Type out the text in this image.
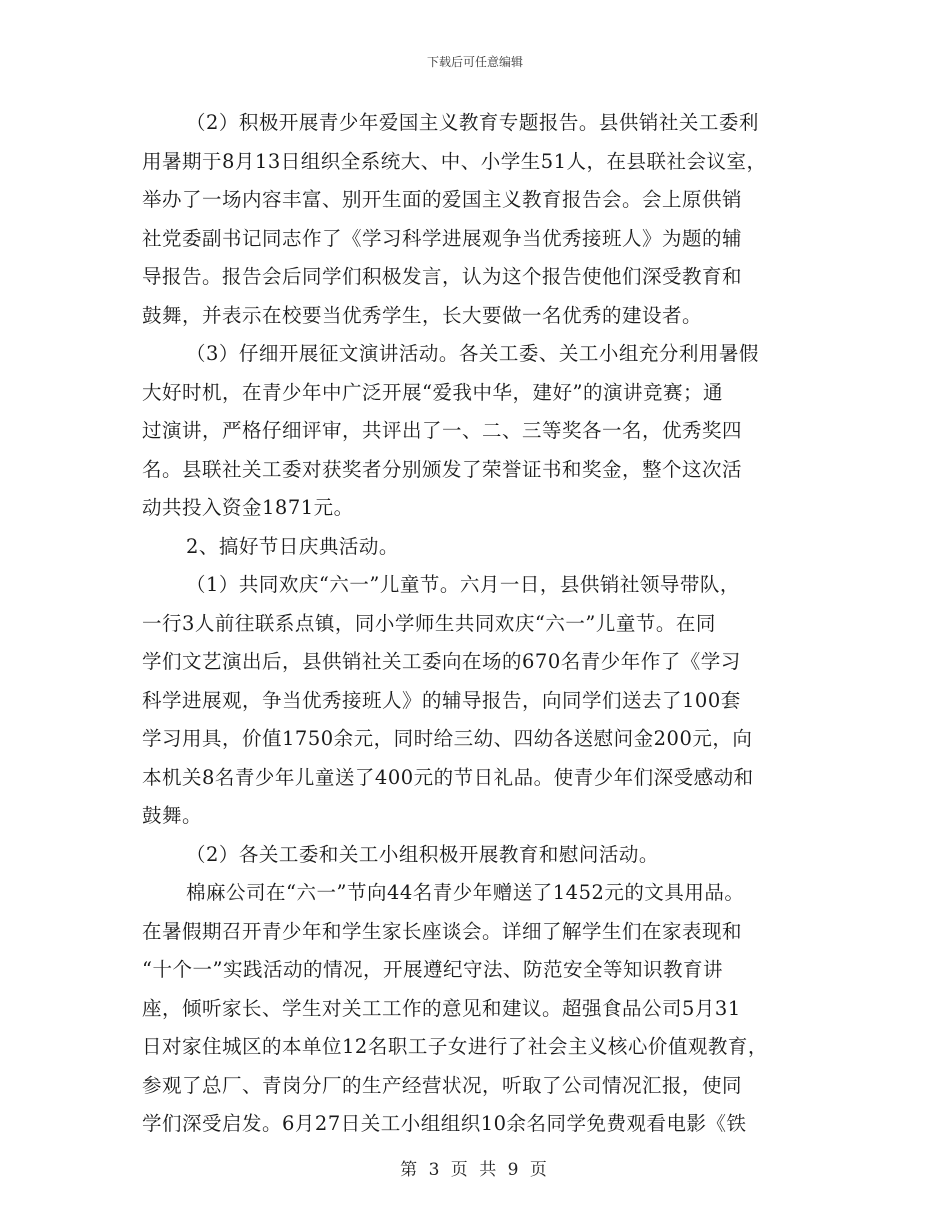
下载后可任意编辑
（2）积极开展青少年爱国主义教育专题报告。县供销社关工委利
用暑期于8月13日组织全系统大、中、小学生51人，在县联社会议室，
举办了一场内容丰富、别开生面的爱国主义教育报告会。会上原供销
社党委副书记同志作了《学习科学进展观争当优秀接班人》为题的辅
导报告。报告会后同学们积极发言，认为这个报告使他们深受教育和
鼓舞，并表示在校要当优秀学生，长大要做一名优秀的建设者。
（3）仔细开展征文演讲活动。各关工委、关工小组充分利用暑假
大好时机，在青少年中广泛开展“爱我中华，建好”的演讲竞赛；通
过演讲，严格仔细评审，共评出了一、二、三等奖各一名，优秀奖四
名。县联社关工委对获奖者分别颁发了荣誉证书和奖金，整个这次活
动共投入资金1871元。
2、搞好节日庆典活动。
（1）共同欢庆“六一”儿童节。六月一日，县供销社领导带队，
一行3人前往联系点镇，同小学师生共同欢庆“六一”儿童节。在同
学们文艺演出后，县供销社关工委向在场的670名青少年作了《学习
科学进展观，争当优秀接班人》的辅导报告，向同学们送去了100套
学习用具，价值1750余元，同时给三幼、四幼各送慰问金200元，向
本机关8名青少年儿童送了400元的节日礼品。使青少年们深受感动和
鼓舞。
（2）各关工委和关工小组积极开展教育和慰问活动。
棉麻公司在“六一”节向44名青少年赠送了1452元的文具用品。
在暑假期召开青少年和学生家长座谈会。详细了解学生们在家表现和
“十个一”实践活动的情况，开展遵纪守法、防范安全等知识教育讲
座，倾听家长、学生对关工工作的意见和建议。超强食品公司5月31
日对家住城区的本单位12名职工子女进行了社会主义核心价值观教育，
参观了总厂、青岗分厂的生产经营状况，听取了公司情况汇报，使同
学们深受启发。6月27日关工小组组织10余名同学免费观看电影《铁
第 3 页 共 9 页
